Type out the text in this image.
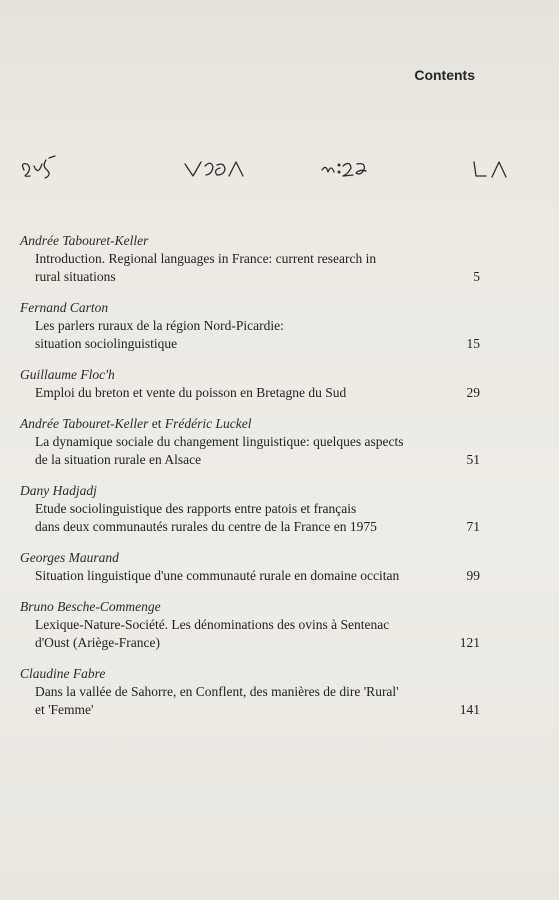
Contents
Andrée Tabouret-Keller
Introduction. Regional languages in France: current research in
rural situations	5
Fernand Carton
Les parlers ruraux de la région Nord-Picardie:
situation sociolinguistique	15
Guillaume Floc'h
Emploi du breton et vente du poisson en Bretagne du Sud	29
Andrée Tabouret-Keller et Frédéric Luckel
La dynamique sociale du changement linguistique: quelques aspects
de la situation rurale en Alsace	51
Dany Hadjadj
Etude sociolinguistique des rapports entre patois et français
dans deux communautés rurales du centre de la France en 1975	71
Georges Maurand
Situation linguistique d'une communauté rurale en domaine occitan	99
Bruno Besche-Commenge
Lexique-Nature-Société. Les dénominations des ovins à Sentenac
d'Oust (Ariège-France)	121
Claudine Fabre
Dans la vallée de Sahorre, en Conflent, des manières de dire 'Rural'
et 'Femme'	141
